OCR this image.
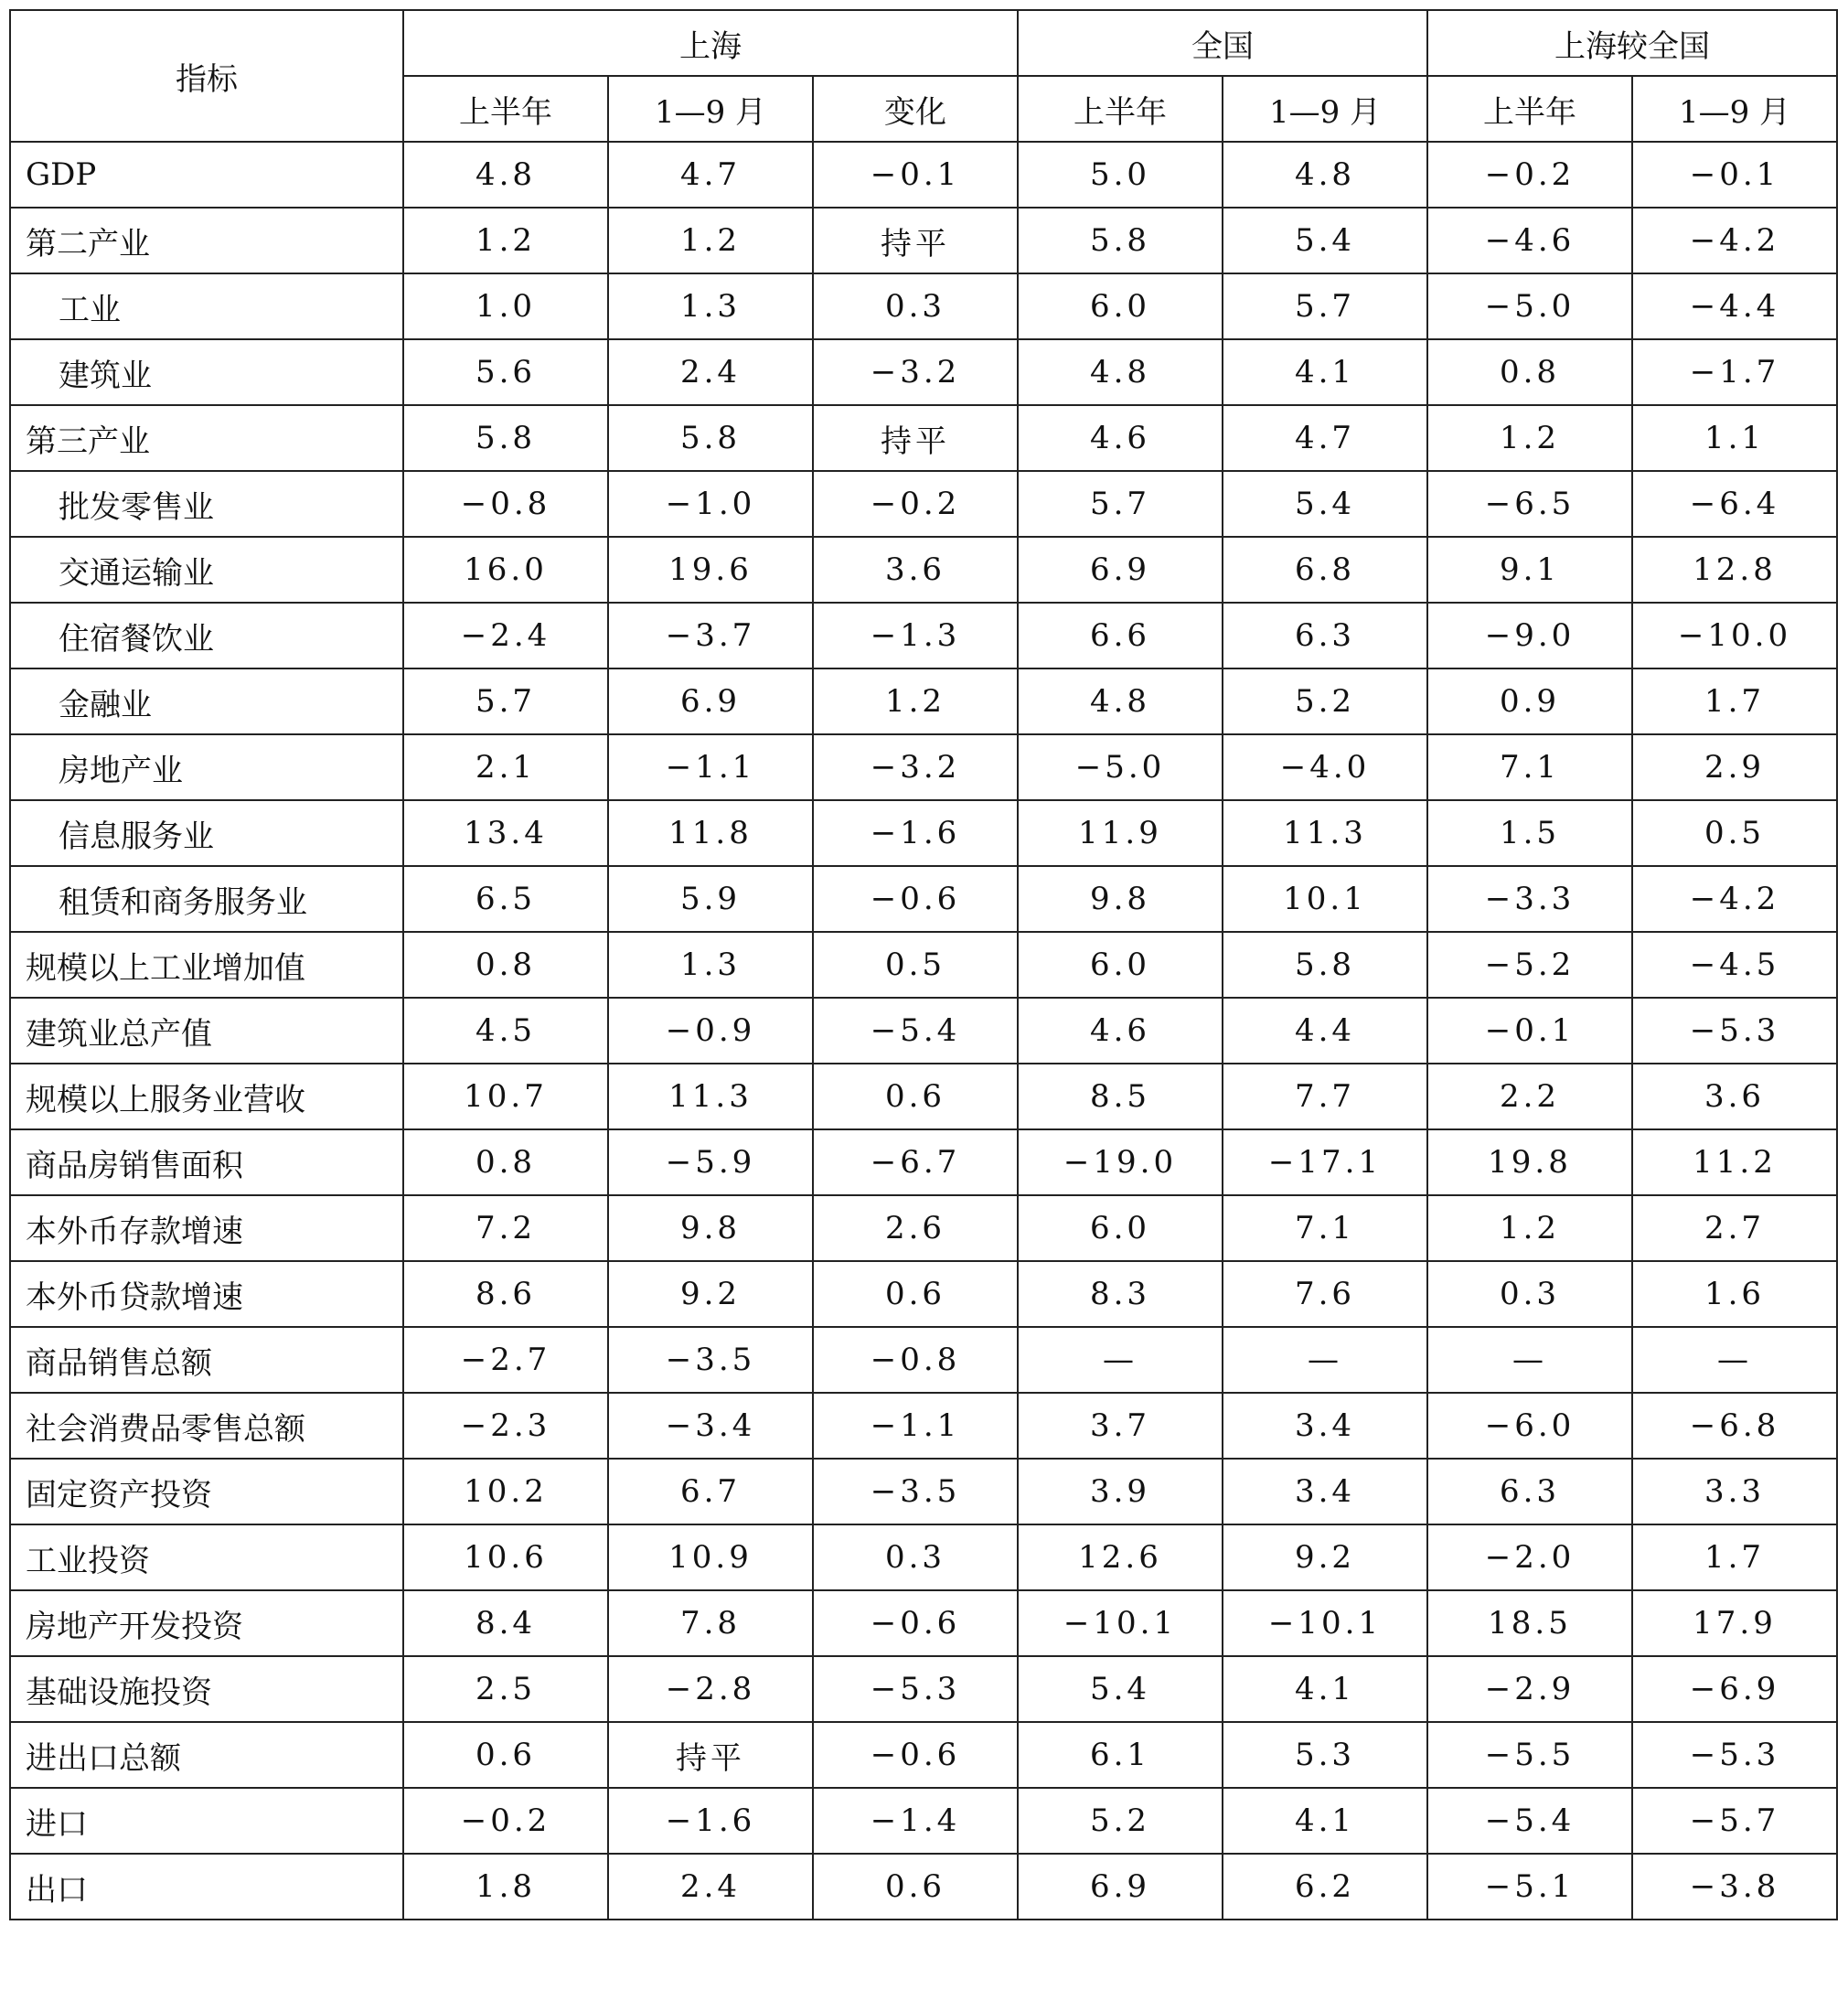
指标	上海			全国		上海较全国	
	上半年	1—9 月	变化	上半年	1—9 月	上半年	1—9 月
GDP	4.8	4.7	−0.1	5.0	4.8	−0.2	−0.1
第二产业	1.2	1.2	持平	5.8	5.4	−4.6	−4.2
工业	1.0	1.3	0.3	6.0	5.7	−5.0	−4.4
建筑业	5.6	2.4	−3.2	4.8	4.1	0.8	−1.7
第三产业	5.8	5.8	持平	4.6	4.7	1.2	1.1
批发零售业	−0.8	−1.0	−0.2	5.7	5.4	−6.5	−6.4
交通运输业	16.0	19.6	3.6	6.9	6.8	9.1	12.8
住宿餐饮业	−2.4	−3.7	−1.3	6.6	6.3	−9.0	−10.0
金融业	5.7	6.9	1.2	4.8	5.2	0.9	1.7
房地产业	2.1	−1.1	−3.2	−5.0	−4.0	7.1	2.9
信息服务业	13.4	11.8	−1.6	11.9	11.3	1.5	0.5
租赁和商务服务业	6.5	5.9	−0.6	9.8	10.1	−3.3	−4.2
规模以上工业增加值	0.8	1.3	0.5	6.0	5.8	−5.2	−4.5
建筑业总产值	4.5	−0.9	−5.4	4.6	4.4	−0.1	−5.3
规模以上服务业营收	10.7	11.3	0.6	8.5	7.7	2.2	3.6
商品房销售面积	0.8	−5.9	−6.7	−19.0	−17.1	19.8	11.2
本外币存款增速	7.2	9.8	2.6	6.0	7.1	1.2	2.7
本外币贷款增速	8.6	9.2	0.6	8.3	7.6	0.3	1.6
商品销售总额	−2.7	−3.5	−0.8	—	—	—	—
社会消费品零售总额	−2.3	−3.4	−1.1	3.7	3.4	−6.0	−6.8
固定资产投资	10.2	6.7	−3.5	3.9	3.4	6.3	3.3
工业投资	10.6	10.9	0.3	12.6	9.2	−2.0	1.7
房地产开发投资	8.4	7.8	−0.6	−10.1	−10.1	18.5	17.9
基础设施投资	2.5	−2.8	−5.3	5.4	4.1	−2.9	−6.9
进出口总额	0.6	持平	−0.6	6.1	5.3	−5.5	−5.3
进口	−0.2	−1.6	−1.4	5.2	4.1	−5.4	−5.7
出口	1.8	2.4	0.6	6.9	6.2	−5.1	−3.8
